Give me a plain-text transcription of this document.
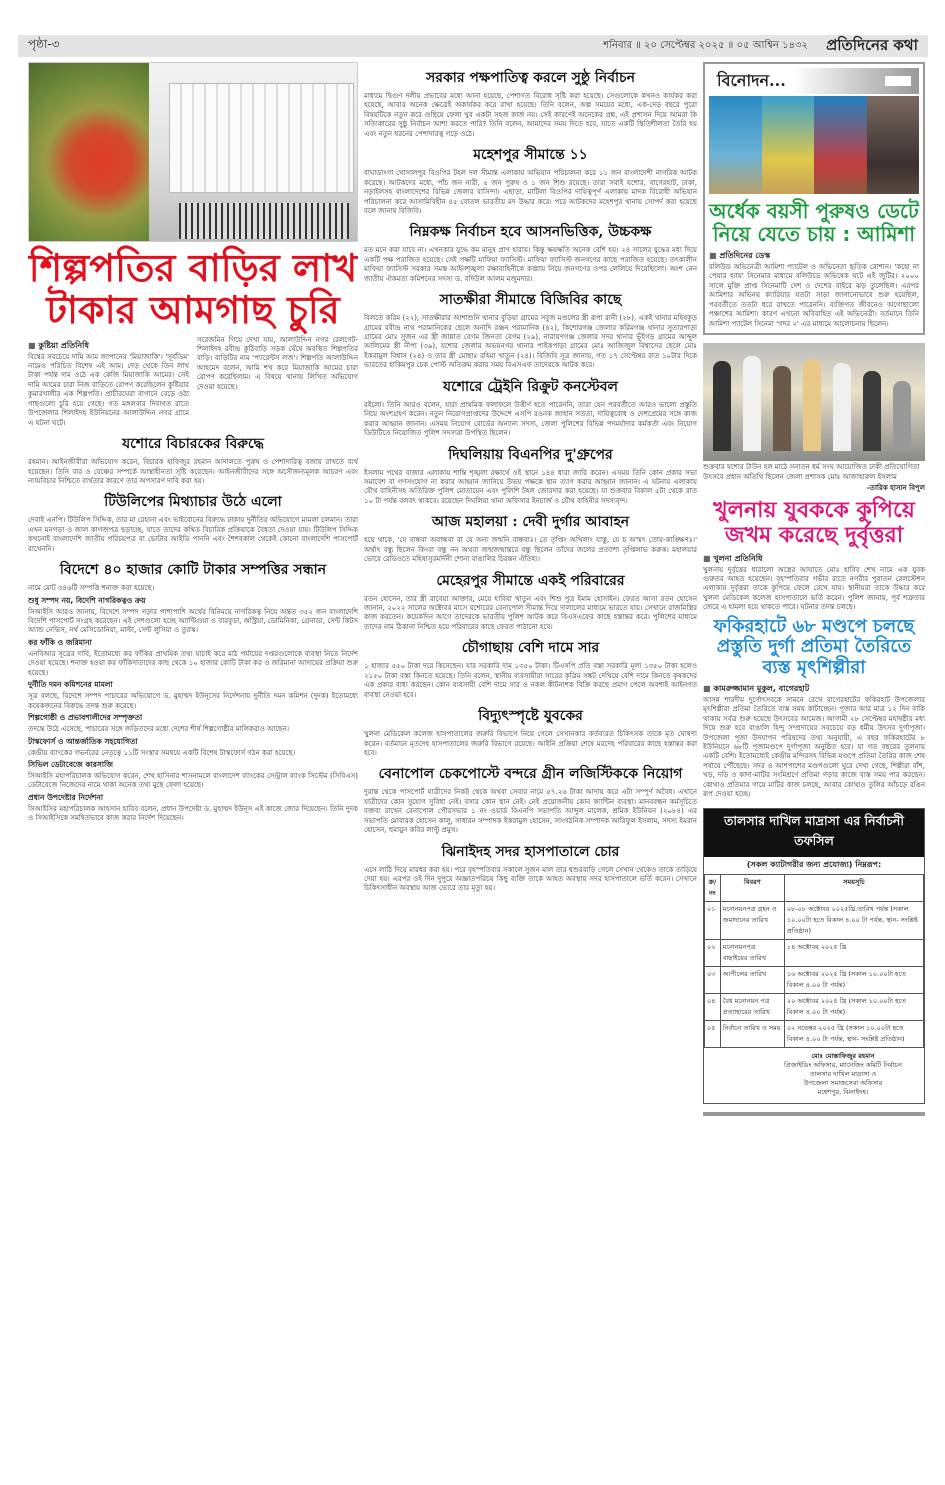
পৃষ্ঠা-৩	শনিবার ॥ ২০ সেপ্টেম্বর ২০২৫ ॥ ০৫ আশ্বিন ১৪৩২ প্রতিদিনের কথা
শিল্পপতির বাড়ির লাখ টাকার আমগাছ চুরি
■ কুষ্টিয়া প্রতিনিধি
বিশ্বের সবচেয়ে দামি আম জাপানের 'মিয়াজাকি'। 'সূর্যডিম' নামেও পরিচিত বিশেষ এই আম। দেড় থেকে তিন লাখ টাকা পর্যন্ত দাম ওঠে এক কেজি মিয়াজাকি আমের। সেই দামি আমের চারা নিজ বাড়িতে রোপণ করেছিলেন কুষ্টিয়ার কুমারখালীর এক শিল্পপতি। প্রাচীরঘেরা বাগানে বেড়ে ওঠা গাছগুলো চুরি হয়ে গেছে। গত মঙ্গলবার দিবাগত রাতে উপজেলার শিলাইদহ ইউনিয়নের আলাউদ্দিন নগর গ্রামে এ ঘটনা ঘটে।
সরেজমিন গিয়ে দেখা যায়, আলাউদ্দিন নগর রেলগেট-শিলাইদহ রবীন্দ্র কুঠিবাড়ি সড়ক ঘেঁষে অবস্থিত শিল্পপতির বাড়ি। বাড়িটির নাম 'প্যারেন্টস লজ'। শিল্পপতি আলাউদ্দিন আহমেদ বলেন, আমি শখ করে মিয়াজাকি আমের চারা রোপণ করেছিলাম। এ বিষয়ে থানায় লিখিত অভিযোগ দেওয়া হয়েছে।
যশোরে বিচারকের বিরুদ্ধে
রহমান। আইনজীবীরা অভিযোগ করেন, বিচারক হাফিজুর রহমান আদালতে পুরুষ ও পেশাদারিত্ব বজায় রাখতে ব্যর্থ হয়েছেন। তিনি বার ও বেঞ্চের সম্পর্কে আস্থাহীনতা সৃষ্টি করেছেন। আইনজীবীদের সঙ্গে অসৌজন্যমূলক আচরণ এবং ন্যায়বিচার নিশ্চিতে ব্যর্থতার কারণে তার অপসারণ দাবি করা হয়।
টিউলিপের মিথ্যাচার উঠে এলো
দেবাই এনপি। টিউলিপ সিদ্দিক, তার মা রেহানা এবং ভাইবোনের বিরুদ্ধে ঢাকায় দুর্নীতির অভিযোগে মামলা চলমান। তারা এখন মনগড়া ও জাল কাগজপত্র ছড়াচ্ছে, যাতে তাদের কথিত বিচারিক প্রক্রিয়াকে বৈধতা দেওয়া যায়। টিউলিপ সিদ্দিক কখনোই বাংলাদেশি জাতীয় পরিচয়পত্র বা ভোটার আইডি পাননি এবং শৈশবকাল থেকেই কোনো বাংলাদেশি পাসপোর্ট রাখেননি।
বিদেশে ৪০ হাজার কোটি টাকার সম্পত্তির সন্ধান
নামে মোট ৩৪৬টি সম্পত্তি শনাক্ত করা হয়েছে।
শুধু সম্পদ নয়, বিদেশি নাগরিকত্বও ক্রয়
সিআইসি আরও জানায়, বিদেশে সম্পদ গড়ার পাশাপাশি অর্থের বিনিময়ে নাগরিকত্ব নিয়ে অন্তত ৩৫২ জন বাংলাদেশি বিদেশি পাসপোর্ট সংগ্রহ করেছেন। এই দেশগুলো হচ্ছে অ্যান্টিগুয়া ও বারবুডা, অস্ট্রিয়া, ডোমিনিকা, গ্রেনাডা, সেন্ট কিটস অ্যান্ড নেভিস, নর্থ মেসিডোনিয়া, মাল্টা, সেন্ট লুসিয়া ও তুরস্ক।
কর ফাঁকি ও জরিমানা
এনবিআর সূত্রের দাবি, ইতোমধ্যে কর ফাঁকির প্রাথমিক তথ্য যাচাই করে মাঠ পর্যায়ের দপ্তরগুলোকে ব্যবস্থা নিতে নির্দেশ দেওয়া হয়েছে। শনাক্ত হওয়া কর ফাঁকিদাতাদের কাছ থেকে ১০ হাজার কোটি টাকা কর ও জরিমানা আদায়ের প্রক্রিয়া শুরু হয়েছে।
দুর্নীতি দমন কমিশনের মামলা
সূত্র বলছে, বিদেশে সম্পদ পাচারের অভিযোগে ড. মুহাম্মদ ইউনূসের নির্দেশনায় দুর্নীতি দমন কমিশন (দুদক) ইতোমধ্যে কয়েকজনের বিরুদ্ধে তদন্ত শুরু করেছে।
শিল্পগোষ্ঠী ও প্রভাবশালীদের সম্পৃক্ততা
তদন্তে উঠে এসেছে, পাচারের সঙ্গে জড়িতদের মধ্যে দেশের শীর্ষ শিল্পগোষ্ঠীর মালিকরাও আছেন।
টাস্কফোর্স ও আন্তর্জাতিক সহযোগিতা
কেন্দ্রীয় ব্যাংকের গভর্নরের নেতৃত্বে ১১টি সংস্থার সমন্বয়ে একটি বিশেষ টাস্কফোর্স গঠন করা হয়েছে।
সিভিল ডেটাবেজে কারসাজি
সিআইসি মহাপরিচালক অভিযোগ করেন, শেখ হাসিনার শাসনামলে বাংলাদেশ ব্যাংকের সেন্ট্রাল ব্যাংক সিস্টেম (সিবিএস) ডেটাবেজে নিজেদের নামে থাকা অনেক তথ্য মুছে ফেলা হয়েছে।
প্রধান উপদেষ্টার নির্দেশনা
সিআইসির মহাপরিচালক আহসান হাবিব বলেন, প্রধান উপদেষ্টা ড. মুহাম্মদ ইউনূস এই কাজে জোর দিয়েছেন। তিনি দুদক ও সিআইসিকে সমন্বিতভাবে কাজ করার নির্দেশ দিয়েছেন।
সরকার পক্ষপাতিত্ব করলে সুষ্ঠু নির্বাচন
মাধ্যমে দ্বিগুণ দলীয় প্রভাবের মধ্যে আনা হয়েছে, পেশাগত বিরোধ সৃষ্টি করা হয়েছে। সেগুলোকে কখনও কার্যকর করা হয়েছে, আবার অনেক ক্ষেত্রেই অকার্যকর করে রাখা হয়েছে। তিনি বলেন, অল্প সময়ের মধ্যে, এক-দেড় বছরে পুরো বিষয়টিকে নতুন করে গুছিয়ে ফেলা খুব একটা সহজ কাজ নয়। সেই কারণেই অনেকের প্রশ্ন, এই প্রশাসন দিয়ে আমরা কি সত্যিকারের সুষ্ঠু নির্বাচন আশা করতে পারি? তিনি বলেন, আমাদের সময় দিতে হবে, যাতে একটি স্থিতিশীলতা তৈরি হয় এবং নতুন ধরনের পেশাদারত্ব গড়ে ওঠে।
মহেশপুর সীমান্তে ১১
বাঘাডাংগা খোসালপুর বিওপির টহল দল সীমান্ত এলাকায় অভিযান পরিচালনা করে ১১ জন বাংলাদেশী নাগরিক আটক করেছে। আটকদের মধ্যে, পাঁচ জন নারী, ৫ জন পুরুষ ও ১ জন শিশু রয়েছে। তারা সবাই যশোর, বাগেরহাট, ঢাকা, নড়াইলসহ বাংলাদেশের বিভিন্ন জেলার বাসিন্দা। এছাড়া, মাটিলা বিওপির দায়িত্বপূর্ণ এলাকায় মাদক বিরোধী অভিযান পরিচালনা করে আসামিবিহীন ৪৫ বোতল ভারতীয় মদ উদ্ধার করে। পরে আটকদের মহেশপুর থানায় সোপর্দ করা হয়েছে বলে জানায় বিজিবি।
নিম্নকক্ষ নির্বাচন হবে আসনভিত্তিক, উচ্চকক্ষ
মত মনে করা যাবে না। এখনকার যুদ্ধে কম মানুষ প্রাণ হারায়। কিন্তু ক্ষয়ক্ষতি অনেক বেশি হয়। ২৪ সালের যুদ্ধের মধ্য দিয়ে একটি পক্ষ পরাজিত হয়েছে। সেই পক্ষটি মাফিয়া ফ্যাসিস্ট। মাফিয়া ফ্যাসিস্ট জনগণের কাছে পরাজিত হয়েছে। তৎকালীন মাফিয়া ফ্যাসিস্ট সরকার সমস্ত আইনশৃঙ্খলা রক্ষাবাহিনীকে কব্জায় নিয়ে জনগণের ওপর লেলিয়ে দিয়েছিলো। অংশ নেন জাতীয় ঐকমত্য কমিশনের সদস্য ড. বদিউল আলম মজুমদার।
সাতক্ষীরা সীমান্তে বিজিবির কাছে
বিলতে করিম (২২), সাতক্ষীরার আশাশুনি থানার বুড়িয়া গ্রামের সবুজ মণ্ডলের স্ত্রী রূপা রানী (২৮), একই থানার মহিষকুড় গ্রামের রবীন্দ্র নাথ পরামানিকের ছেলে অনাদি রঞ্জন পরামানিক (৪২), কিশোরগঞ্জ জেলার করিমগঞ্জ থানার সুতারপাড়া গ্রামের মোঃ সুজন এর স্ত্রী জান্নাত বেগম জিনতা বেগম (২৯), নারায়ণগঞ্জ জেলার সদর থানার ভূঁইগড় গ্রামের আব্দুল আলিমের স্ত্রী নীপা (৩৯), যশোর জেলার অভয়নগর থানার পাইকপাড়া গ্রামের মোঃ আজিজুল বিশ্বাসের ছেলে মোঃ ইকরামুল বিশ্বাস (২৪) ও তার স্ত্রী মোছাঃ রহিমা খাতুন (২৪)। বিজিবি সূত্র জানায়, গত ১৭ সেপ্টেম্বর রাত ১০টার দিকে ভারতের হাকিমপুর চেক পোস্ট অতিক্রম করার সময় বিএসএফ তাদেরকে আটক করে।
যশোরে ট্রেইনি রিক্রুট কনস্টেবল
রইলো। তিনি আরও বলেন, যারা প্রাথমিক ফলাফলে উত্তীর্ণ হতে পারেননি, তারা যেন পরবর্তীতে আরও ভালো প্রস্তুতি নিয়ে অংশগ্রহণ করেন। নতুন নিয়োগপ্রাপ্তদের উদ্দেশে এসপি রওনক জাহান সততা, দায়িত্ববোধ ও দেশপ্রেমের সঙ্গে কাজ করার আহ্বান জানান। এসময় নিয়োগ বোর্ডের অন্যান্য সদস্য, জেলা পুলিশের বিভিন্ন পদমর্যাদার কর্মকর্তা এবং নিয়োগ ডিউটিতে নিয়োজিত পুলিশ সদস্যরা উপস্থিত ছিলেন।
দিঘলিয়ায় বিএনপির দু'গ্রুপের
ইসলাম পথের বাজার এলাকায় শান্তি শৃঙ্খলা রক্ষার্থে ওই স্থানে ১৪৪ ধারা জারি করেন। এসময় তিনি কোন প্রকার সভা সমাবেশ বা গণসংযোগ না করার আহ্বান জানিয়ে উভয় পক্ষকে স্থান ত্যাগ করার আহ্বান জানান। এ ঘটনায় এলাকায় যৌথ বাহিনীসহ অতিরিক্ত পুলিশ মোতায়েন এবং পুলিশি টহল জোরদার করা হয়েছে। যা শুক্রবার বিকাল ৫টা থেকে রাত ১০ টা পর্যন্ত বলবৎ থাকবে। রয়েছেন দিঘলিয়া থানা অফিসার ইনচার্জ ও যৌথ বাহিনীর সদস্যবৃন্দ।
আজ মহালয়া : দেবী দুর্গার আবাহন
হয়ে থাকে, 'যে বান্ধবা অবান্ধবা বা যে অন্য জন্মনি বান্ধবাঃ। তে তৃপ্তিং অখিলাং যান্তু, যে চ অস্মৎ তোয়-কাঙ্ক্ষিণঃ।' অর্থাৎ বন্ধু ছিলেন কিংবা বন্ধু নন অথবা জন্মজন্মান্তরে বন্ধু ছিলেন তাঁদের জলের প্রত্যাশা তৃপ্তিলাভ করুক। মহালয়ার ভোরে রেডিওতে মহিষাসুরমর্দিনী শোনা বাঙালির চিরন্তন ঐতিহ্য।
মেহেরপুর সীমান্তে একই পরিবারের
রতন হোসেন, তার স্ত্রী রাবেয়া আক্তার, মেয়ে হাবিবা খাতুন এবং শিশু পুত্র ইমাম হোসাইন। ফেরত আসা রতন হোসেন জানান, ২০২২ সালের অক্টোবর মাসে যশোরের বেনাপোল সীমান্ত দিয়ে দালালের মাধ্যমে ভারতে যায়। সেখানে রাজমিস্ত্রির কাজ করতেন। কয়েকদিন আগে তাদেরকে ভারতীয় পুলিশ আটক করে বিএসএফের কাছে হস্তান্তর করে। পুলিশের মাধ্যমে তাদের নাম ঠিকানা নিশ্চিত হয়ে পরিবারের কাছে ফেরত পাঠানো হবে।
চৌগাছায় বেশি দামে সার
১ হাজার ৫৫০ টাকা দরে কিনেছেন। যার সরকারি দাম ১৩৫০ টাকা। টিএসপি প্রতি বস্তা সরকারি মূল্য ১৩৫০ টাকা হলেও ২১৫০ টাকা বস্তা কিনতে হয়েছে। তিনি বলেন, স্থানীয় ব্যবসায়ীরা সারের কৃত্রিম সঙ্কট দেখিয়ে বেশি দামে কিনতে কৃষকদের এক প্রকার বাধ্য করছেন। কোন ব্যবসায়ী বেশি দামে সার ও নকল কীটনাশক বিক্রি করছে প্রমাণ পেলে অবশ্যই আইনগত ব্যবস্থা নেওয়া হবে।
বিদ্যুৎস্পৃষ্টে যুবকের
খুলনা মেডিকেল কলেজ হাসপাতালের জরুরি বিভাগে নিয়ে গেলে সেখানকার কর্তব্যরত চিকিৎসক তাকে মৃত ঘোষণা করেন। বর্তমানে মৃতদেহ হাসপাতালের জরুরি বিভাগে রয়েছে। আইনি প্রক্রিয়া শেষে মরদেহ পরিবারের কাছে হস্তান্তর করা হবে।
বেনাপোল চেকপোস্টে বন্দরে গ্রীন লজিস্টিককে নিয়োগ
দুরান্ত থেকে পাসপোর্ট যাত্রীদের নিকট থেকে অথবা সেবার নামে ৫৭.২৬ টাকা আদায় করে এটা সম্পূর্ণ অবৈধ। এখানে যাত্রীদের কোন সুযোগ সুবিধা নেই। বসার কোন স্থান নেই। নেই প্রয়োজনীয় কোন ক্যান্টিন ব্যবস্থা। মানববন্ধন কর্মসূচিতে বক্তব্য রাখেন বেনাপোল পৌরসভার ১ নং ওয়ার্ড বিএনপি সভাপতি আব্দুল মালেক, শ্রমিক ইউনিয়ন (২০৮৪) এর সভাপতি মোবারক হোসেন কালু, সাধারন সম্পাদক ইকরামুল হোসেন, সাংগঠনিক সম্পাদক আরিফুল ইসলাম, সদস্য ইমরান হোসেন, হুমায়ুন কবির লাল্টু প্রমুখ।
ঝিনাইদহ সদর হাসপাতালে চোর
এসে লাঠি দিয়ে মারধর করা হয়। পরে বৃহস্পতিবার সকালে সুজন মাল তার শ্বশুরবাড়ি গেলে সেখান থেকেও তাকে তাড়িয়ে দেয়া হয়। এরপর ওই দিন দুপুরে অজ্ঞাতপরিচয় কিছু ব্যক্তি তাকে আহত অবস্থায় সদর হাসপাতালে ভর্তি করেন। সেখানে চিকিৎসাধীন অবস্থায় আজ ভোরে তার মৃত্যু হয়।
বিনোদন...
অর্ধেক বয়সী পুরুষও ডেটে নিয়ে যেতে চায় : আমিশা
■ প্রতিদিনের ডেস্ক
বলিউড অভিনেত্রী আমিশা প্যাটেল ও অভিনেতা হৃতিক রোশান। 'কহো না পেয়ার হ্যায়' সিনেমার মাধ্যমে বলিউডে অভিষেক ঘটে এই জুটির। ২০০০ সালে মুক্তি প্রাপ্ত সিনেমাটি দেশ ও দেশের বাইরে ঝড় তুলেছিল। এরপর আমিশার অভিনয় ক্যারিয়ার যতটা সাড়া জাগানোভাবে শুরু হয়েছিল, পরবর্তীতে ততটা ধরে রাখতে পারেননি। ব্যক্তিগত জীবনেও অগোছালো পঞ্চাশের আমিশা। কারণ এখনো অবিবাহিত এই অভিনেত্রী। বর্তমানে তিনি আমিশা প্যাটেল সিনেমা 'গদর ২' এর মাধ্যমে আলোচনায় ছিলেন।
শুক্রবার যশোর টাউন হল মাঠে সনাতন ধর্ম সংঘ আয়োজিত ঢাকী প্রতিযোগিতা উৎসবে প্রধান অতিথি ছিলেন জেলা প্রশাসক মোঃ আজাহারুল ইসলাম
-তারিক হাসান বিপুল
খুলনায় যুবককে কুপিয়ে জখম করেছে দুর্বৃত্তরা
■ খুলনা প্রতিনিধি
খুলনায় দুর্বৃত্তের ধারালো অস্ত্রের আঘাতে মোঃ হাবিব শেখ নামে এক যুবক গুরুতর আহত হয়েছেন। বৃহস্পতিবার গভীর রাতে নগরীর পুরাতন রেলস্টেশন এলাকায় দুর্বৃত্তরা তাকে কুপিয়ে ফেলে রেখে যায়। স্থানীয়রা তাকে উদ্ধার করে খুলনা মেডিকেল কলেজ হাসপাতালে ভর্তি করেন। পুলিশ জানায়, পূর্ব শত্রুতার জেরে এ হামলা হয়ে থাকতে পারে। ঘটনার তদন্ত চলছে।
ফকিরহাটে ৬৮ মণ্ডপে চলছে প্রস্তুতি দুর্গা প্রতিমা তৈরিতে ব্যস্ত মৃৎশিল্পীরা
■ কামরুজ্জামান মুকুল, বাগেরহাট
আসন্ন শারদীয় দুর্গোৎসবকে সামনে রেখে বাগেরহাটের ফকিরহাট উপজেলার মৃৎশিল্পীরা প্রতিমা তৈরিতে ব্যস্ত সময় কাটাচ্ছেন। পূজার আর মাত্র ১২ দিন বাকি থাকায় সর্বত্র শুরু হয়েছে উৎসবের আমেজ। আগামী ২৮ সেপ্টেম্বর মহাষষ্ঠীর মধ্য দিয়ে শুরু হবে বাঙালি হিন্দু সম্প্রদায়ের সবচেয়ে বড় ধর্মীয় উৎসব দুর্গাপূজা। উপজেলা পূজা উদযাপন পরিষদের তথ্য অনুযায়ী, এ বছর ফকিরহাটের ৮ ইউনিয়নে ৬৮টি পূজামণ্ডপে দুর্গাপূজা অনুষ্ঠিত হবে। যা গত বছরের তুলনায় একটি বেশি। ইতোমধ্যেই কেন্দ্রীয় মন্দিরসহ বিভিন্ন মণ্ডপে প্রতিমা তৈরির কাজ শেষ পর্যায়ে পৌঁছেছে। সদর ও আশপাশের মণ্ডপগুলো ঘুরে দেখা গেছে, শিল্পীরা বাঁশ, খড়, দড়ি ও কাদা-মাটির সংমিশ্রণে প্রতিমা গড়ার কাজে ব্যস্ত সময় পার করছেন। কোথাও প্রতিমার গায়ে মাটির কাজ চলছে, আবার কোথাও তুলির আঁচড়ে রঙিন রূপ দেওয়া হচ্ছে।
তালসার দাখিল মাদ্রাসা এর নির্বাচনী তফসিল
(সকল ক্যাটাগরীর জন্য প্রযোজ্য) নিম্নরূপ:
ক্র/নং	বিবরণ	সময়সূচি
০১	মনোনয়নপত্র গ্রহন ও জমাদানের তারিখ	০৮-০৮ অক্টোবর ২০২৫খ্রি.তারিখ পর্যন্ত (সকাল ১০.০০টা হতে বিকাল ৪.০০ টা পর্যন্ত, স্থান- সংশ্লিষ্ট প্রতিষ্ঠান)
০২	মনোনয়নপত্র বাছাইয়ের তারিখ	১৪ অক্টোবর ২০২৫ খ্রি
০৩	আপীলের তারিখ	১৬ অক্টোবর ২০২৫ খ্রি (সকাল ১০.০০টা হতে বিকাল ৪.০০ টা পর্যন্ত)
০৪	বৈধ মনোনয়ন পত্র প্রত্যাহারের তারিখ	২০ অক্টোবর ২০২৫ খ্রি (সকাল ১০.০০টা হতে বিকাল ৪.০০ টা পর্যন্ত)
০৫	নির্বাচন তারিখ ও সময়	০২ নভেম্বর ২০২৫ খ্রি (সকাল ১০.০০টা হতে বিকাল ৪.০০ টা পর্যন্ত, স্থান- সংশ্লিষ্ট প্রতিষ্ঠান)
মোঃ মোস্তাফিজুর রহমান
প্রিজাইডিং অফিসার, ম্যানেজিং কমিটি নির্বাচন
তালসার দাখিল মাদ্রাসা ও
উপজেলা সমাজসেবা অফিসার
মহেশপুর, ঝিনাইদহ।
